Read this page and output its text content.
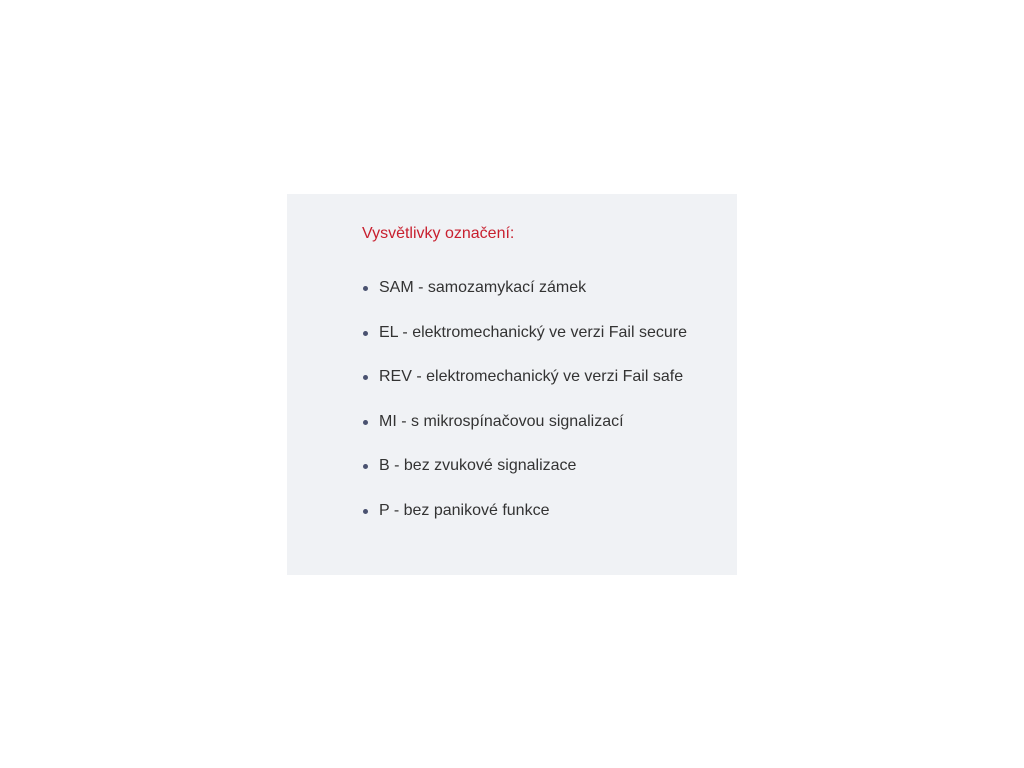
Vysvětlivky označení:
SAM - samozamykací zámek
EL - elektromechanický ve verzi Fail secure
REV - elektromechanický ve verzi Fail safe
MI - s mikrospínačovou signalizací
B - bez zvukové signalizace
P - bez panikové funkce
